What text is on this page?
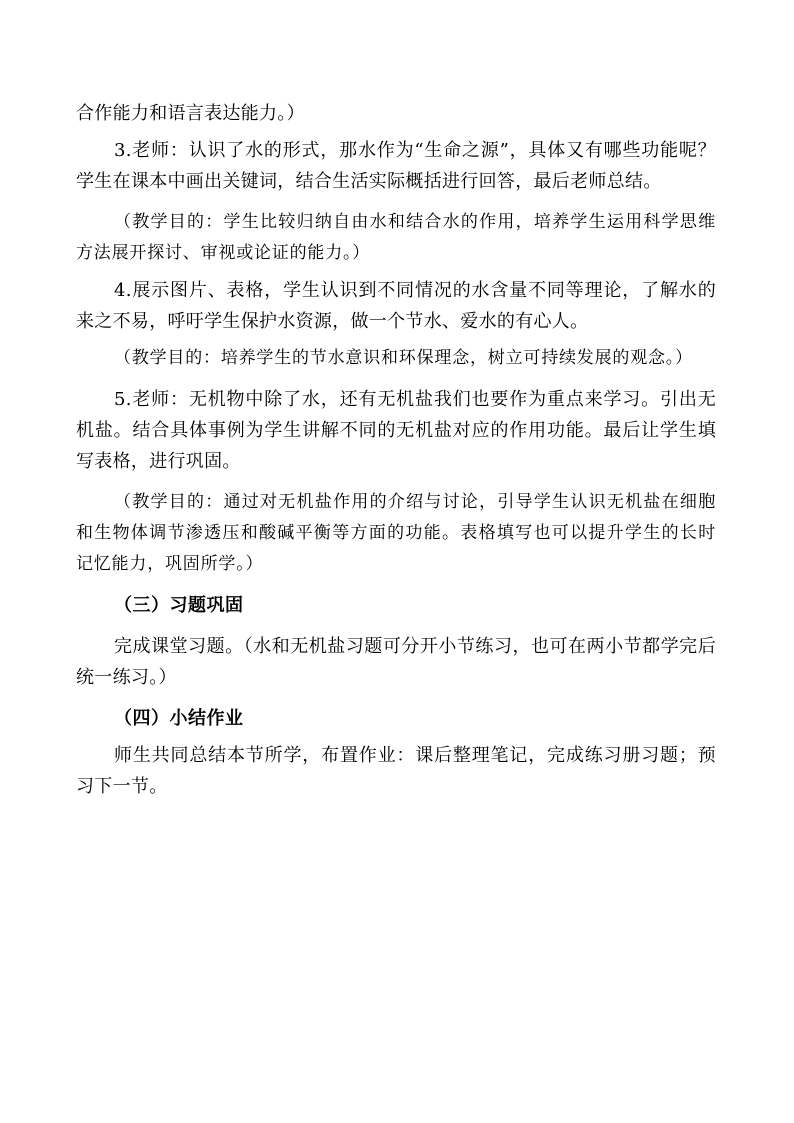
合作能力和语言表达能力。）

3.老师：认识了水的形式，那水作为“生命之源”，具体又有哪些功能呢？学生在课本中画出关键词，结合生活实际概括进行回答，最后老师总结。

（教学目的：学生比较归纳自由水和结合水的作用，培养学生运用科学思维方法展开探讨、审视或论证的能力。）

4.展示图片、表格，学生认识到不同情况的水含量不同等理论，了解水的来之不易，呼吁学生保护水资源，做一个节水、爱水的有心人。

（教学目的：培养学生的节水意识和环保理念，树立可持续发展的观念。）

5.老师：无机物中除了水，还有无机盐我们也要作为重点来学习。引出无机盐。结合具体事例为学生讲解不同的无机盐对应的作用功能。最后让学生填写表格，进行巩固。

（教学目的：通过对无机盐作用的介绍与讨论，引导学生认识无机盐在细胞和生物体调节渗透压和酸碱平衡等方面的功能。表格填写也可以提升学生的长时记忆能力，巩固所学。）

（三）习题巩固

完成课堂习题。（水和无机盐习题可分开小节练习，也可在两小节都学完后统一练习。）

（四）小结作业

师生共同总结本节所学，布置作业：课后整理笔记，完成练习册习题；预习下一节。
